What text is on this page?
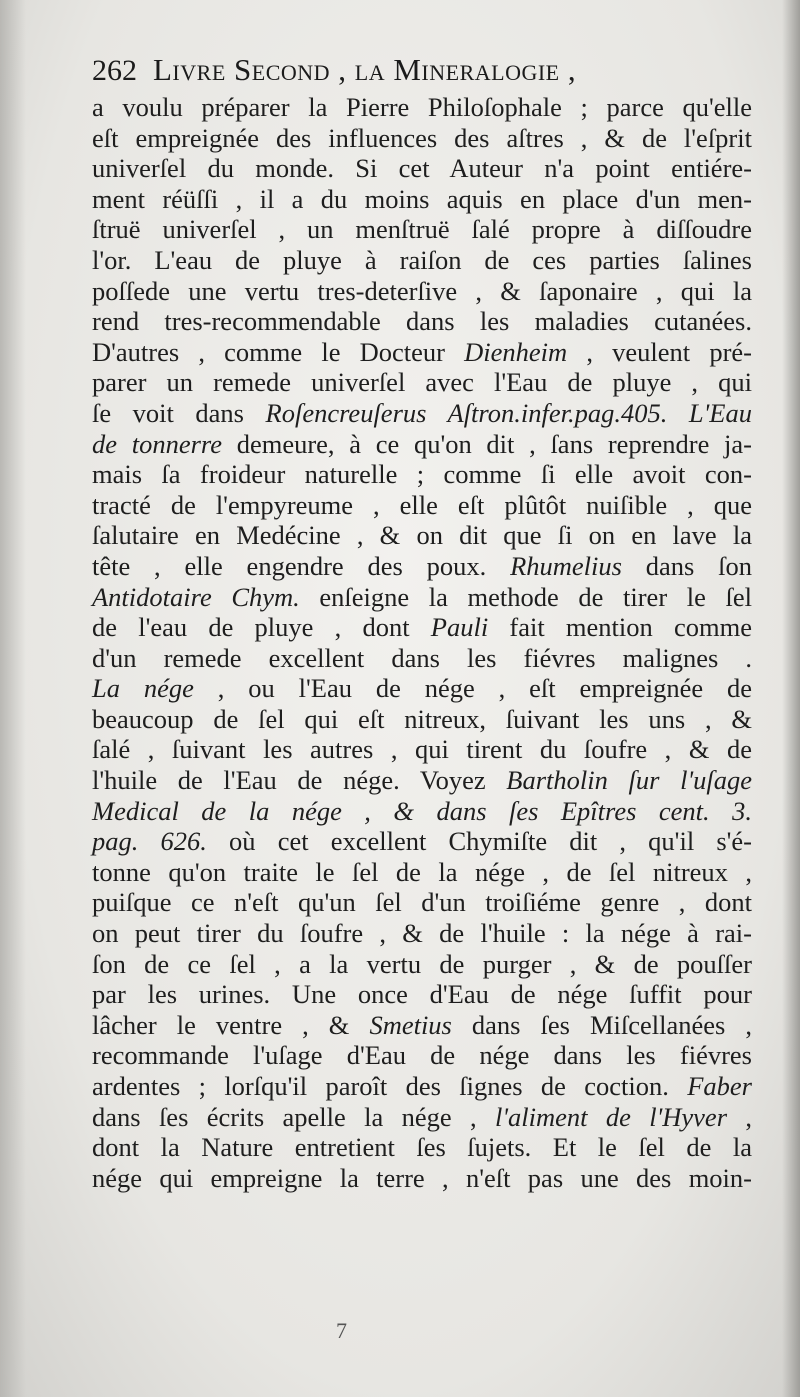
262 Livre Second , la Mineralogie ,
a voulu préparer la Pierre Philoſophale ; parce qu'elle
eſt empreignée des influences des aſtres , & de l'eſprit
univerſel du monde. Si cet Auteur n'a point entiére-
ment réüſſi , il a du moins aquis en place d'un men-
ſtruë univerſel , un menſtruë ſalé propre à diſſoudre
l'or. L'eau de pluye à raiſon de ces parties ſalines
poſſede une vertu tres-deterſive , & ſaponaire , qui la
rend tres-recommendable dans les maladies cutanées.
D'autres , comme le Docteur Dienheim , veulent pré-
parer un remede univerſel avec l'Eau de pluye , qui
ſe voit dans Roſencreuſerus Aſtron.infer.pag.405. L'Eau
de tonnerre demeure, à ce qu'on dit , ſans reprendre ja-
mais ſa froideur naturelle ; comme ſi elle avoit con-
tracté de l'empyreume , elle eſt plûtôt nuiſible , que
ſalutaire en Medécine , & on dit que ſi on en lave la
tête , elle engendre des poux. Rhumelius dans ſon
Antidotaire Chym. enſeigne la methode de tirer le ſel
de l'eau de pluye , dont Pauli fait mention comme
d'un remede excellent dans les fiévres malignes .
La nége , ou l'Eau de nége , eſt empreignée de
beaucoup de ſel qui eſt nitreux, ſuivant les uns , &
ſalé , ſuivant les autres , qui tirent du ſoufre , & de
l'huile de l'Eau de nége. Voyez Bartholin ſur l'uſage
Medical de la nége , & dans ſes Epîtres cent. 3.
pag. 626. où cet excellent Chymiſte dit , qu'il s'é-
tonne qu'on traite le ſel de la nége , de ſel nitreux ,
puiſque ce n'eſt qu'un ſel d'un troiſiéme genre , dont
on peut tirer du ſoufre , & de l'huile : la nége à rai-
ſon de ce ſel , a la vertu de purger , & de pouſſer
par les urines. Une once d'Eau de nége ſuffit pour
lâcher le ventre , & Smetius dans ſes Miſcellanées ,
recommande l'uſage d'Eau de nége dans les fiévres
ardentes ; lorſqu'il paroît des ſignes de coction. Faber
dans ſes écrits apelle la nége , l'aliment de l'Hyver ,
dont la Nature entretient ſes ſujets. Et le ſel de la
nége qui empreigne la terre , n'eſt pas une des moin-
7
